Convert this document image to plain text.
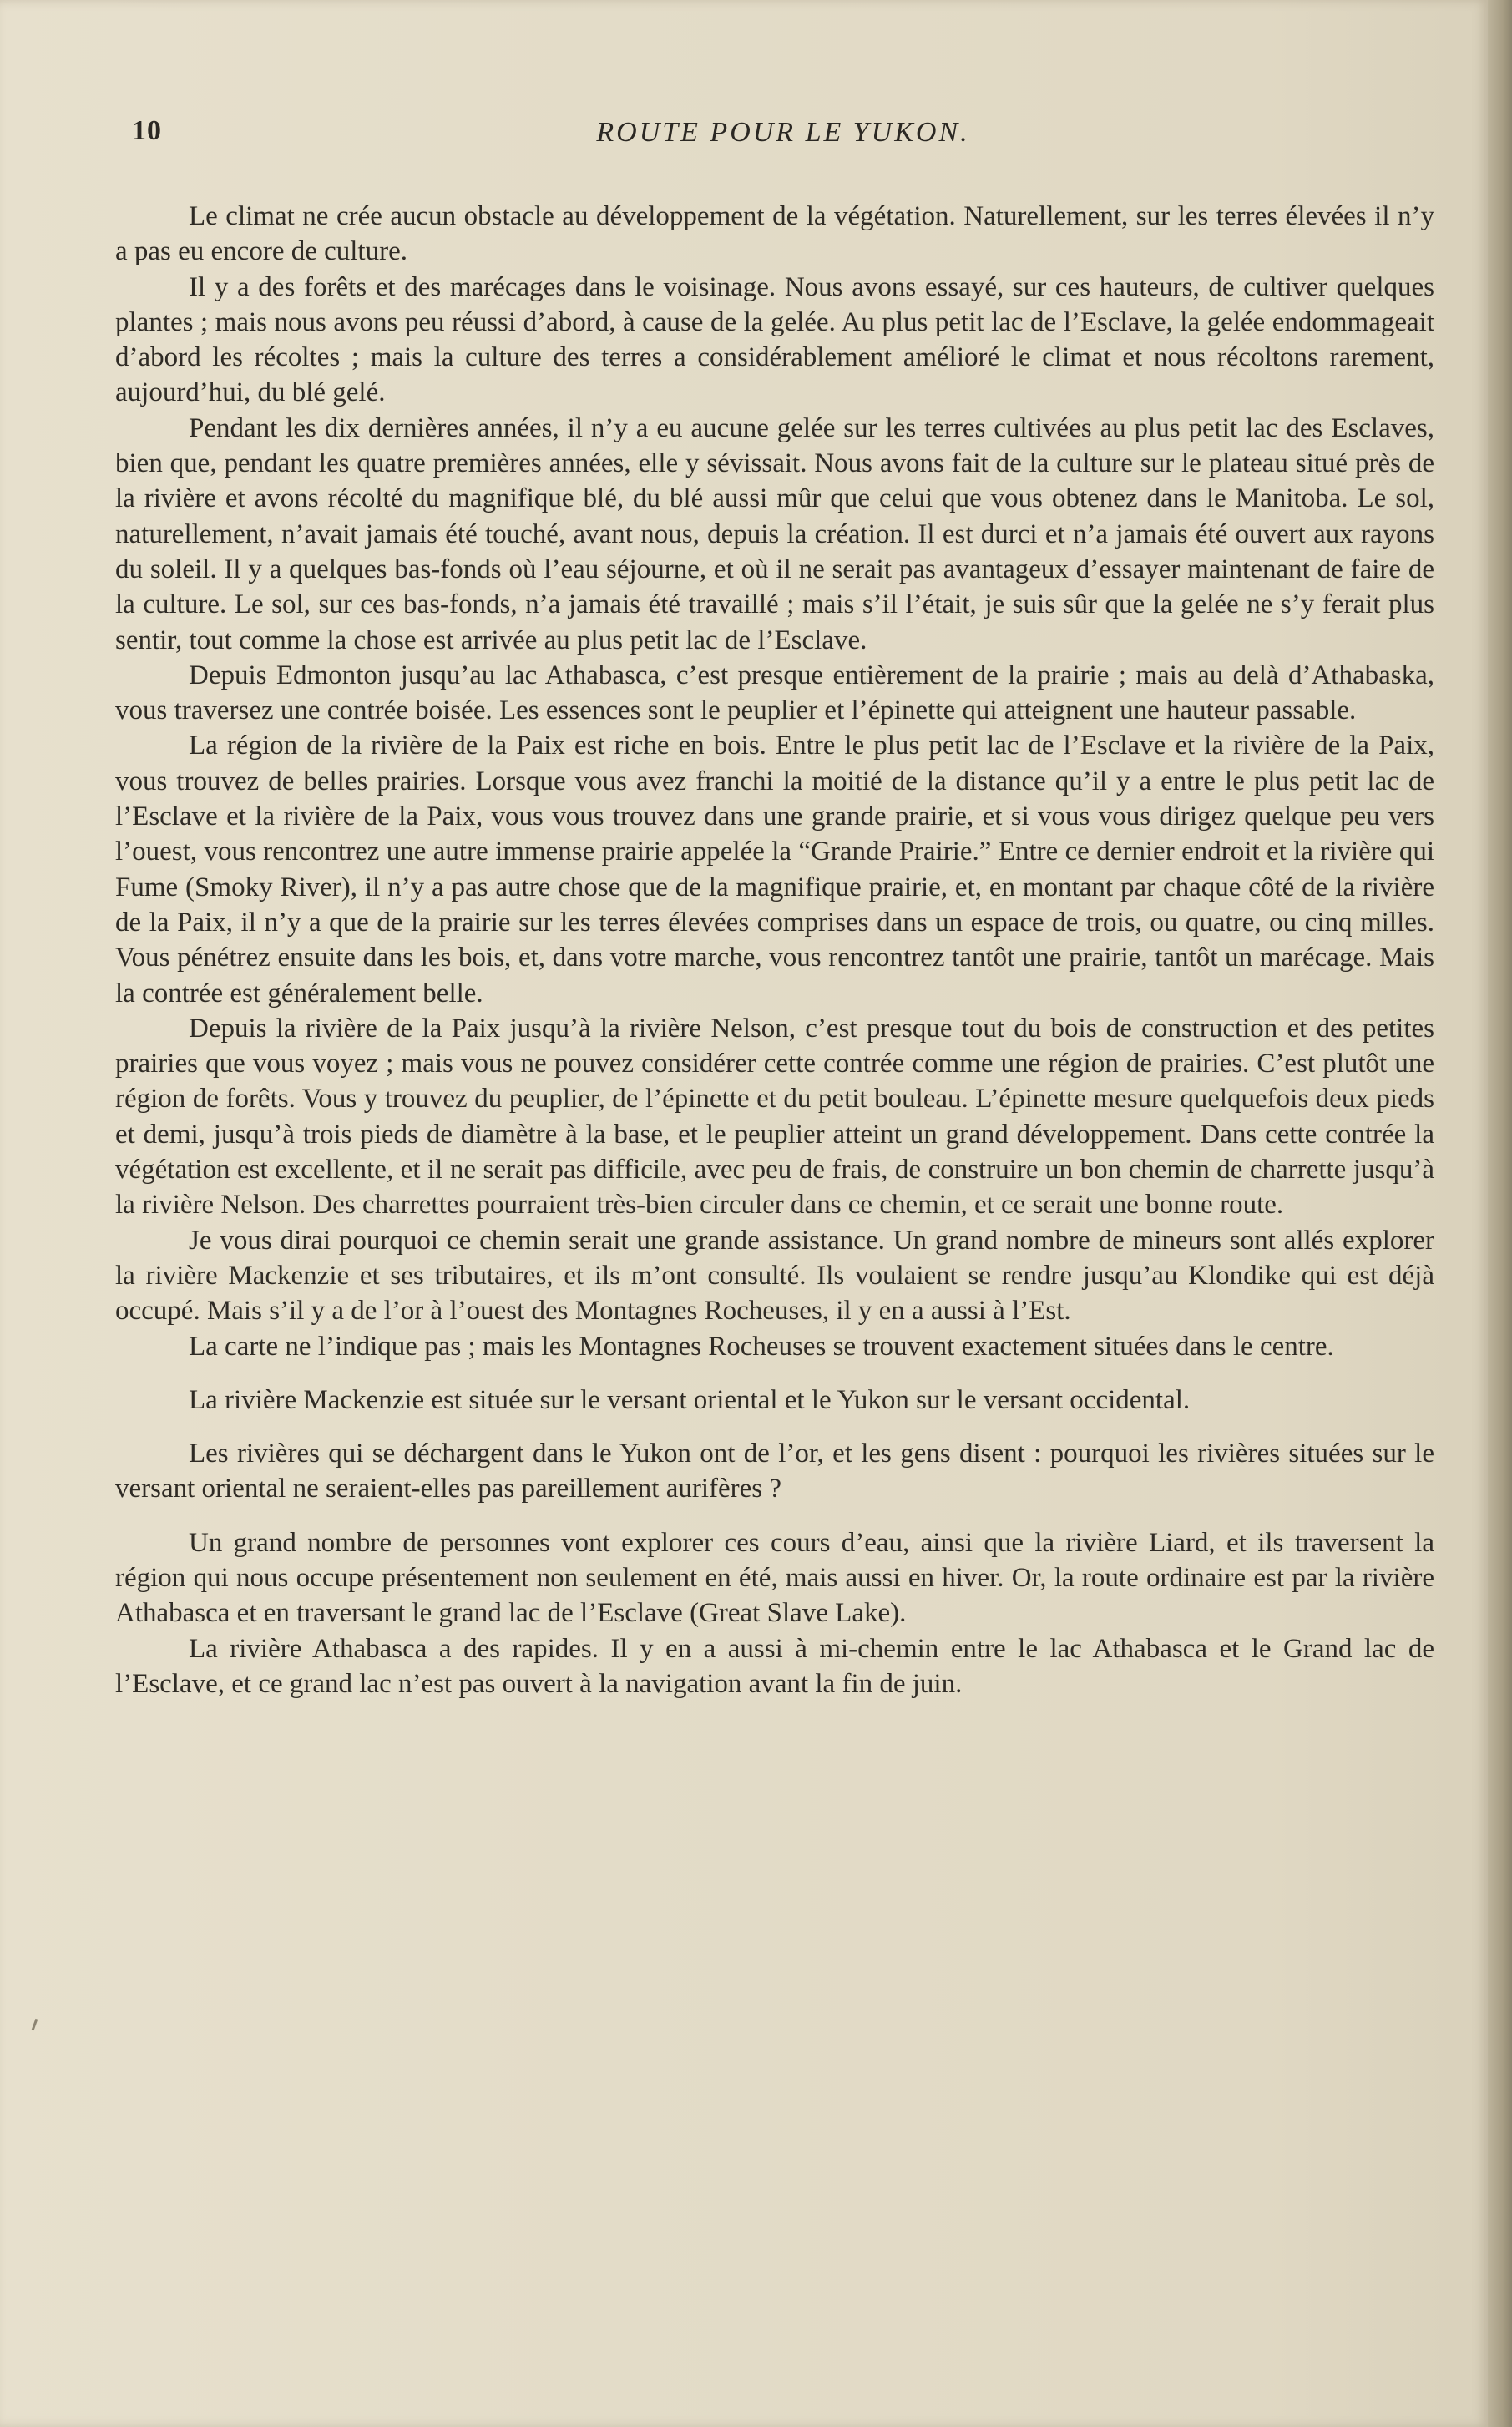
10	ROUTE POUR LE YUKON.

Le climat ne crée aucun obstacle au développement de la végétation. Naturellement, sur les terres élevées il n’y a pas eu encore de culture.

Il y a des forêts et des marécages dans le voisinage. Nous avons essayé, sur ces hauteurs, de cultiver quelques plantes ; mais nous avons peu réussi d’abord, à cause de la gelée. Au plus petit lac de l’Esclave, la gelée endommageait d’abord les récoltes ; mais la culture des terres a considérablement amélioré le climat et nous récoltons rarement, aujourd’hui, du blé gelé.

Pendant les dix dernières années, il n’y a eu aucune gelée sur les terres cultivées au plus petit lac des Esclaves, bien que, pendant les quatre premières années, elle y sévissait. Nous avons fait de la culture sur le plateau situé près de la rivière et avons récolté du magnifique blé, du blé aussi mûr que celui que vous obtenez dans le Manitoba. Le sol, naturellement, n’avait jamais été touché, avant nous, depuis la création. Il est durci et n’a jamais été ouvert aux rayons du soleil. Il y a quelques bas-fonds où l’eau séjourne, et où il ne serait pas avantageux d’essayer maintenant de faire de la culture. Le sol, sur ces bas-fonds, n’a jamais été travaillé ; mais s’il l’était, je suis sûr que la gelée ne s’y ferait plus sentir, tout comme la chose est arrivée au plus petit lac de l’Esclave.

Depuis Edmonton jusqu’au lac Athabasca, c’est presque entièrement de la prairie ; mais au delà d’Athabaska, vous traversez une contrée boisée. Les essences sont le peuplier et l’épinette qui atteignent une hauteur passable.

La région de la rivière de la Paix est riche en bois. Entre le plus petit lac de l’Esclave et la rivière de la Paix, vous trouvez de belles prairies. Lorsque vous avez franchi la moitié de la distance qu’il y a entre le plus petit lac de l’Esclave et la rivière de la Paix, vous vous trouvez dans une grande prairie, et si vous vous dirigez quelque peu vers l’ouest, vous rencontrez une autre immense prairie appelée la “Grande Prairie.” Entre ce dernier endroit et la rivière qui Fume (Smoky River), il n’y a pas autre chose que de la magnifique prairie, et, en montant par chaque côté de la rivière de la Paix, il n’y a que de la prairie sur les terres élevées comprises dans un espace de trois, ou quatre, ou cinq milles. Vous pénétrez ensuite dans les bois, et, dans votre marche, vous rencontrez tantôt une prairie, tantôt un marécage. Mais la contrée est généralement belle.

Depuis la rivière de la Paix jusqu’à la rivière Nelson, c’est presque tout du bois de construction et des petites prairies que vous voyez ; mais vous ne pouvez considérer cette contrée comme une région de prairies. C’est plutôt une région de forêts. Vous y trouvez du peuplier, de l’épinette et du petit bouleau. L’épinette mesure quelquefois deux pieds et demi, jusqu’à trois pieds de diamètre à la base, et le peuplier atteint un grand développement. Dans cette contrée la végétation est excellente, et il ne serait pas difficile, avec peu de frais, de construire un bon chemin de charrette jusqu’à la rivière Nelson. Des charrettes pourraient très-bien circuler dans ce chemin, et ce serait une bonne route.

Je vous dirai pourquoi ce chemin serait une grande assistance. Un grand nombre de mineurs sont allés explorer la rivière Mackenzie et ses tributaires, et ils m’ont consulté. Ils voulaient se rendre jusqu’au Klondike qui est déjà occupé. Mais s’il y a de l’or à l’ouest des Montagnes Rocheuses, il y en a aussi à l’Est.

La carte ne l’indique pas ; mais les Montagnes Rocheuses se trouvent exactement situées dans le centre.

La rivière Mackenzie est située sur le versant oriental et le Yukon sur le versant occidental.

Les rivières qui se déchargent dans le Yukon ont de l’or, et les gens disent : pourquoi les rivières situées sur le versant oriental ne seraient-elles pas pareillement aurifères ?

Un grand nombre de personnes vont explorer ces cours d’eau, ainsi que la rivière Liard, et ils traversent la région qui nous occupe présentement non seulement en été, mais aussi en hiver. Or, la route ordinaire est par la rivière Athabasca et en traversant le grand lac de l’Esclave (Great Slave Lake).

La rivière Athabasca a des rapides. Il y en a aussi à mi-chemin entre le lac Athabasca et le Grand lac de l’Esclave, et ce grand lac n’est pas ouvert à la navigation avant la fin de juin.
